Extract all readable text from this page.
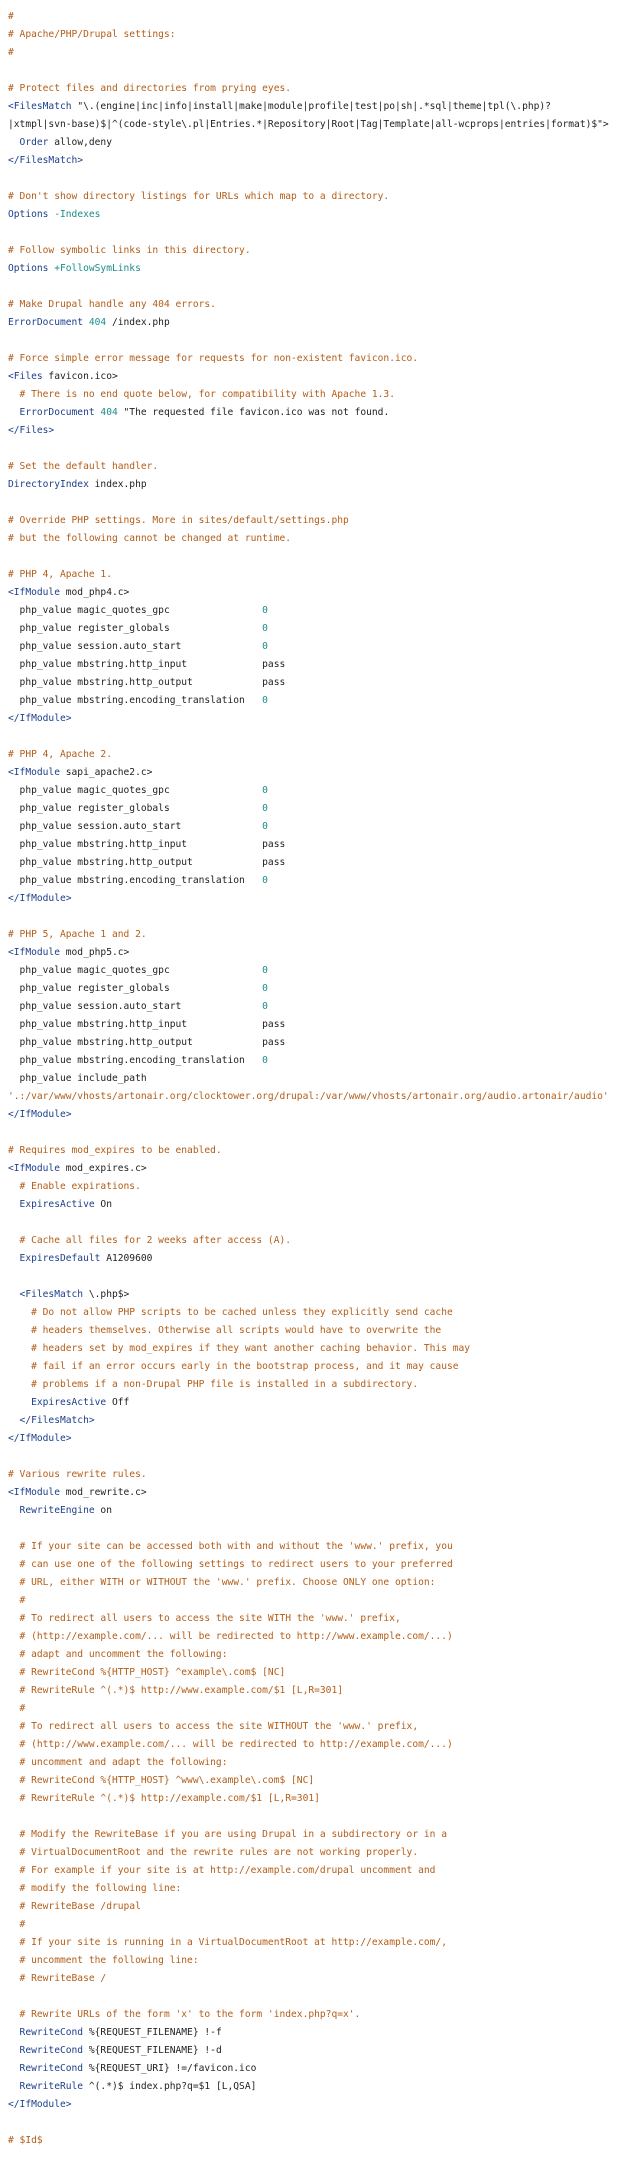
#
# Apache/PHP/Drupal settings:
#

# Protect files and directories from prying eyes.
<FilesMatch "\.(engine|inc|info|install|make|module|profile|test|po|sh|.*sql|theme|tpl(\.php)?
|xtmpl|svn-base)$|^(code-style\.pl|Entries.*|Repository|Root|Tag|Template|all-wcprops|entries|format)$">
Order allow,deny
</FilesMatch>

# Don't show directory listings for URLs which map to a directory.
Options -Indexes

# Follow symbolic links in this directory.
Options +FollowSymLinks

# Make Drupal handle any 404 errors.
ErrorDocument 404 /index.php

# Force simple error message for requests for non-existent favicon.ico.
<Files favicon.ico>
# There is no end quote below, for compatibility with Apache 1.3.
ErrorDocument 404 "The requested file favicon.ico was not found.
</Files>

# Set the default handler.
DirectoryIndex index.php

# Override PHP settings. More in sites/default/settings.php
# but the following cannot be changed at runtime.

# PHP 4, Apache 1.
<IfModule mod_php4.c>
php_value magic_quotes_gpc                0
php_value register_globals                0
php_value session.auto_start              0
php_value mbstring.http_input             pass
php_value mbstring.http_output            pass
php_value mbstring.encoding_translation   0
</IfModule>

# PHP 4, Apache 2.
<IfModule sapi_apache2.c>
php_value magic_quotes_gpc                0
php_value register_globals                0
php_value session.auto_start              0
php_value mbstring.http_input             pass
php_value mbstring.http_output            pass
php_value mbstring.encoding_translation   0
</IfModule>

# PHP 5, Apache 1 and 2.
<IfModule mod_php5.c>
php_value magic_quotes_gpc                0
php_value register_globals                0
php_value session.auto_start              0
php_value mbstring.http_input             pass
php_value mbstring.http_output            pass
php_value mbstring.encoding_translation   0
php_value include_path
'.:/var/www/vhosts/artonair.org/clocktower.org/drupal:/var/www/vhosts/artonair.org/audio.artonair/audio'
</IfModule>

# Requires mod_expires to be enabled.
<IfModule mod_expires.c>
# Enable expirations.
ExpiresActive On

# Cache all files for 2 weeks after access (A).
ExpiresDefault A1209600

<FilesMatch \.php$>
# Do not allow PHP scripts to be cached unless they explicitly send cache
# headers themselves. Otherwise all scripts would have to overwrite the
# headers set by mod_expires if they want another caching behavior. This may
# fail if an error occurs early in the bootstrap process, and it may cause
# problems if a non-Drupal PHP file is installed in a subdirectory.
ExpiresActive Off
</FilesMatch>
</IfModule>

# Various rewrite rules.
<IfModule mod_rewrite.c>
RewriteEngine on

# If your site can be accessed both with and without the 'www.' prefix, you
# can use one of the following settings to redirect users to your preferred
# URL, either WITH or WITHOUT the 'www.' prefix. Choose ONLY one option:
#
# To redirect all users to access the site WITH the 'www.' prefix,
# (http://example.com/... will be redirected to http://www.example.com/...)
# adapt and uncomment the following:
# RewriteCond %{HTTP_HOST} ^example\.com$ [NC]
# RewriteRule ^(.*)$ http://www.example.com/$1 [L,R=301]
#
# To redirect all users to access the site WITHOUT the 'www.' prefix,
# (http://www.example.com/... will be redirected to http://example.com/...)
# uncomment and adapt the following:
# RewriteCond %{HTTP_HOST} ^www\.example\.com$ [NC]
# RewriteRule ^(.*)$ http://example.com/$1 [L,R=301]

# Modify the RewriteBase if you are using Drupal in a subdirectory or in a
# VirtualDocumentRoot and the rewrite rules are not working properly.
# For example if your site is at http://example.com/drupal uncomment and
# modify the following line:
# RewriteBase /drupal
#
# If your site is running in a VirtualDocumentRoot at http://example.com/,
# uncomment the following line:
# RewriteBase /

# Rewrite URLs of the form 'x' to the form 'index.php?q=x'.
RewriteCond %{REQUEST_FILENAME} !-f
RewriteCond %{REQUEST_FILENAME} !-d
RewriteCond %{REQUEST_URI} !=/favicon.ico
RewriteRule ^(.*)$ index.php?q=$1 [L,QSA]
</IfModule>

# $Id$
